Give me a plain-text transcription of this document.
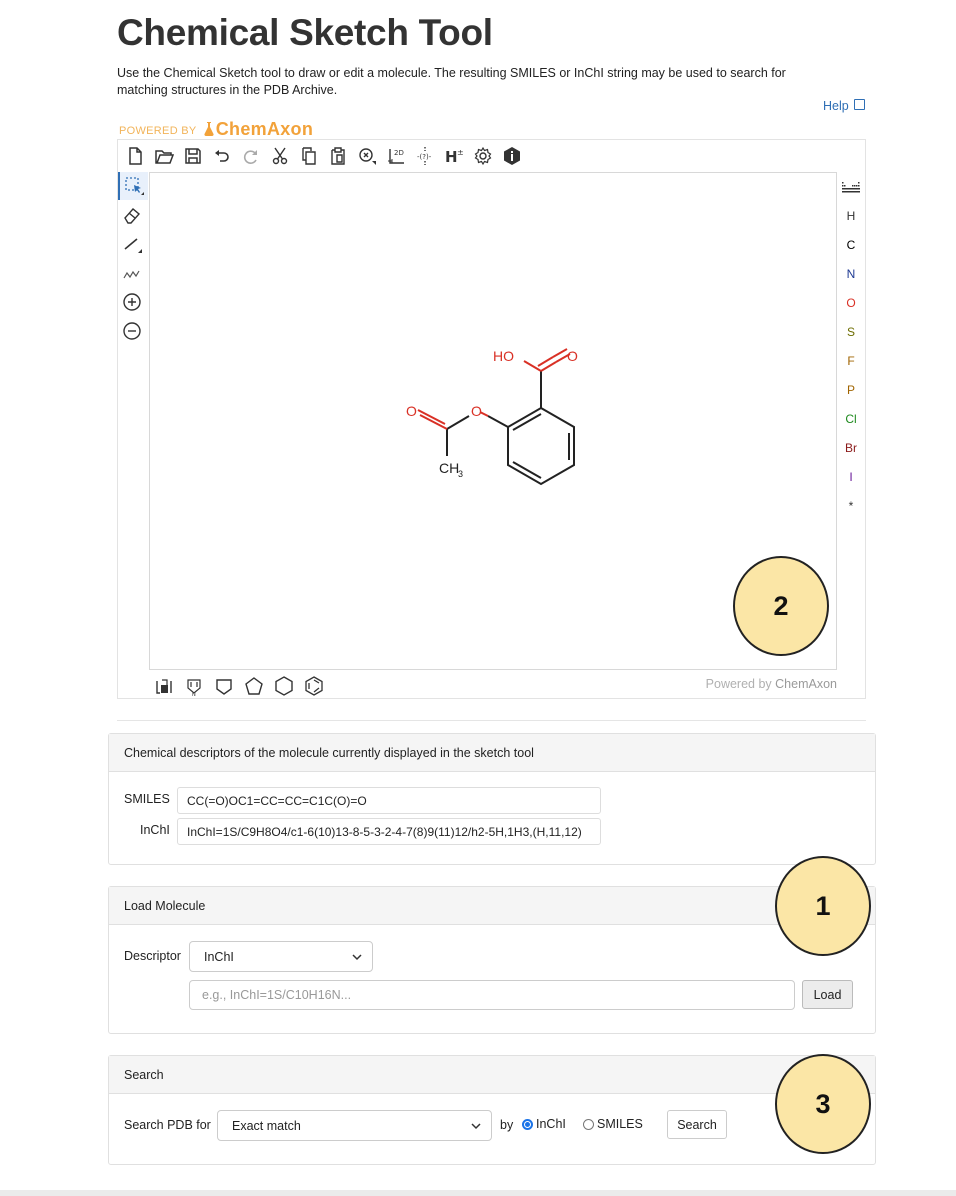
Chemical Sketch Tool

Use the Chemical Sketch tool to draw or edit a molecule. The resulting SMILES or InChI string may be used to search for matching structures in the PDB Archive.

Help
POWERED BY ChemAxon
2D -(?)- H ±
HO	O
O	O
CH
3
H
C
N
O
S
F
P
Cl
Br
I
*
N
Powered by ChemAxon
Chemical descriptors of the molecule currently displayed in the sketch tool
SMILES	CC(=O)OC1=CC=CC=C1C(O)=O
InChI	InChI=1S/C9H8O4/c1-6(10)13-8-5-3-2-4-7(8)9(11)12/h2-5H,1H3,(H,11,12)
Load Molecule
Descriptor InChI
e.g., InChI=1S/C10H16N...
Load
Search
Search PDB for Exact match	by InChI SMILES	Search
2
1
3
